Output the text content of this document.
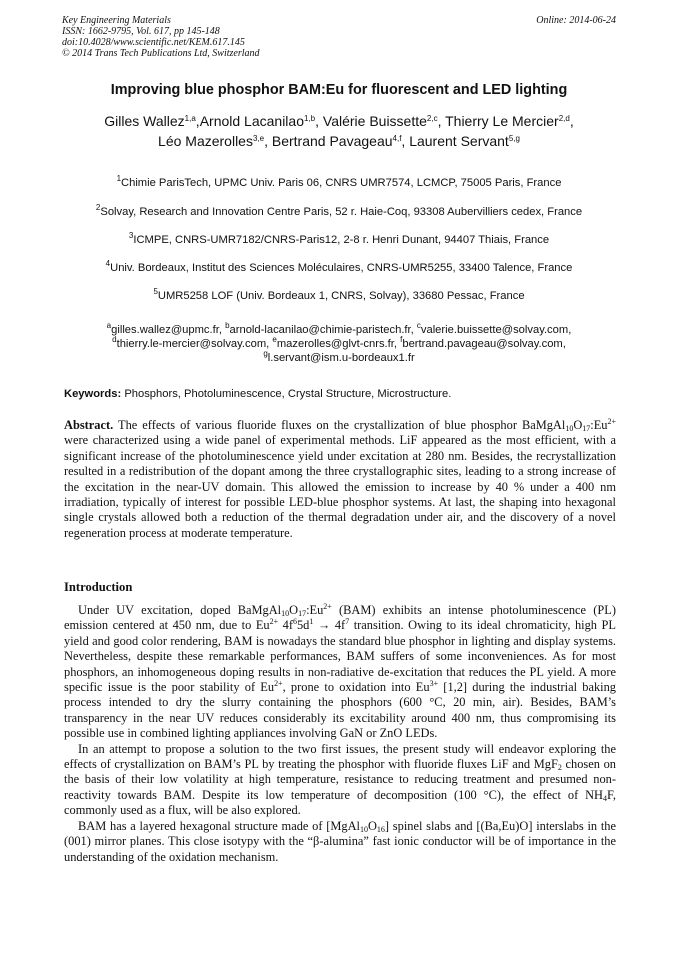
Key Engineering Materials
ISSN: 1662-9795, Vol. 617, pp 145-148
doi:10.4028/www.scientific.net/KEM.617.145
© 2014 Trans Tech Publications Ltd, Switzerland
Online: 2014-06-24
Improving blue phosphor BAM:Eu for fluorescent and LED lighting
Gilles Wallez$^{1,a}$,Arnold Lacanilao$^{1,b}$, Valérie Buissette$^{2,c}$, Thierry Le Mercier$^{2,d}$,
Léo Mazerolles$^{3,e}$, Bertrand Pavageau$^{4,f}$, Laurent Servant$^{5,g}$
$^1$Chimie ParisTech, UPMC Univ. Paris 06, CNRS UMR7574, LCMCP, 75005 Paris, France
$^2$Solvay, Research and Innovation Centre Paris, 52 r. Haie-Coq, 93308 Aubervilliers cedex, France
$^3$ICMPE, CNRS-UMR7182/CNRS-Paris12, 2-8 r. Henri Dunant, 94407 Thiais, France
$^4$Univ. Bordeaux, Institut des Sciences Moléculaires, CNRS-UMR5255, 33400 Talence, France
$^5$UMR5258 LOF (Univ. Bordeaux 1, CNRS, Solvay), 33680 Pessac, France
$^a$gilles.wallez@upmc.fr, $^b$arnold-lacanilao@chimie-paristech.fr, $^c$valerie.buissette@solvay.com,
$^d$thierry.le-mercier@solvay.com, $^e$mazerolles@glvt-cnrs.fr, $^f$bertrand.pavageau@solvay.com,
$^g$l.servant@ism.u-bordeaux1.fr
Keywords: Phosphors, Photoluminescence, Crystal Structure, Microstructure.

Abstract. The effects of various fluoride fluxes on the crystallization of blue phosphor $BaMgAl_{10}O_{17}:Eu^{2+}$ were characterized using a wide panel of experimental methods. LiF appeared as the most efficient, with a significant increase of the photoluminescence yield under excitation at 280 nm. Besides, the recrystallization resulted in a redistribution of the dopant among the three crystallographic sites, leading to a strong increase of the excitation in the near-UV domain. This allowed the emission to increase by 40 % under a 400 nm irradiation, typically of interest for possible LED-blue phosphor systems. At last, the shaping into hexagonal single crystals allowed both a reduction of the thermal degradation under air, and the discovery of a novel regeneration process at moderate temperature.

Introduction

Under UV excitation, doped $BaMgAl_{10}O_{17}:Eu^{2+}$ (BAM) exhibits an intense photoluminescence (PL) emission centered at 450 nm, due to $Eu^{2+}$ $4f^65d^1 \to 4f^7$ transition. Owing to its ideal chromaticity, high PL yield and good color rendering, BAM is nowadays the standard blue phosphor in lighting and display systems. Nevertheless, despite these remarkable performances, BAM suffers of some inconveniences. As for most phosphors, an inhomogeneous doping results in non-radiative de-excitation that reduces the PL yield. A more specific issue is the poor stability of $Eu^{2+}$, prone to oxidation into $Eu^{3+}$ [1,2] during the industrial baking process intended to dry the slurry containing the phosphors (600 °C, 20 min, air). Besides, BAM’s transparency in the near UV reduces considerably its excitability around 400 nm, thus compromising its possible use in combined lighting appliances involving GaN or ZnO LEDs.

In an attempt to propose a solution to the two first issues, the present study will endeavor exploring the effects of crystallization on BAM’s PL by treating the phosphor with fluoride fluxes LiF and MgF$_2$ chosen on the basis of their low volatility at high temperature, resistance to reducing treatment and presumed non-reactivity towards BAM. Despite its low temperature of decomposition (100 °C), the effect of $NH_4F$, commonly used as a flux, will be also explored.

BAM has a layered hexagonal structure made of $[MgAl_{10}O_{16}]$ spinel slabs and [(Ba,Eu)O] interslabs in the (001) mirror planes. This close isotypy with the “β-alumina” fast ionic conductor will be of importance in the understanding of the oxidation mechanism.
